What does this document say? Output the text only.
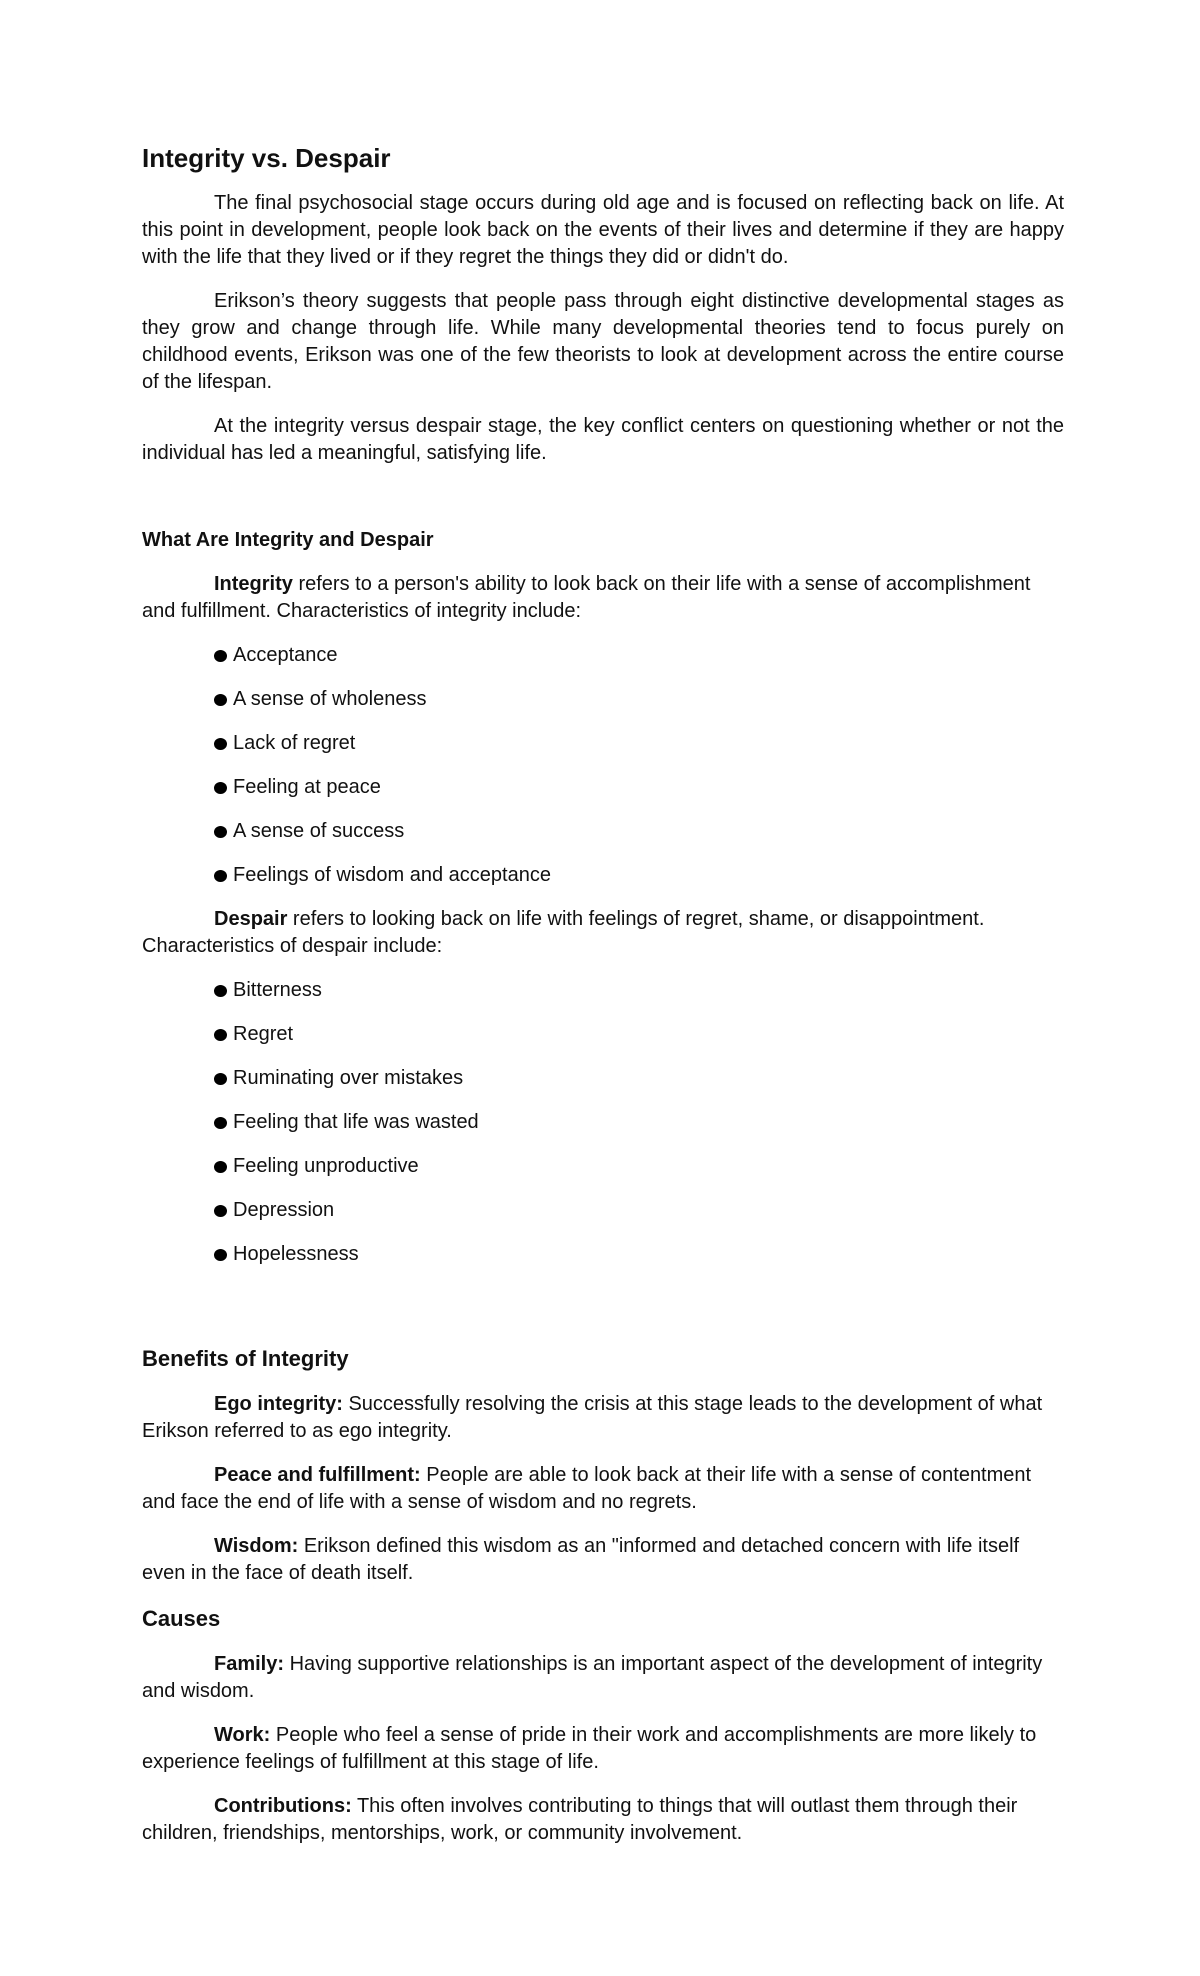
Integrity vs. Despair

The final psychosocial stage occurs during old age and is focused on reflecting back on life. At this point in development, people look back on the events of their lives and determine if they are happy with the life that they lived or if they regret the things they did or didn't do.

Erikson’s theory suggests that people pass through eight distinctive developmental stages as they grow and change through life. While many developmental theories tend to focus purely on childhood events, Erikson was one of the few theorists to look at development across the entire course of the lifespan.

At the integrity versus despair stage, the key conflict centers on questioning whether or not the individual has led a meaningful, satisfying life.

What Are Integrity and Despair

Integrity refers to a person's ability to look back on their life with a sense of accomplishment and fulfillment. Characteristics of integrity include:

Acceptance
A sense of wholeness
Lack of regret
Feeling at peace
A sense of success
Feelings of wisdom and acceptance

Despair refers to looking back on life with feelings of regret, shame, or disappointment. Characteristics of despair include:

Bitterness
Regret
Ruminating over mistakes
Feeling that life was wasted
Feeling unproductive
Depression
Hopelessness
Benefits of Integrity

Ego integrity: Successfully resolving the crisis at this stage leads to the development of what Erikson referred to as ego integrity.

Peace and fulfillment: People are able to look back at their life with a sense of contentment and face the end of life with a sense of wisdom and no regrets.

Wisdom: Erikson defined this wisdom as an "informed and detached concern with life itself even in the face of death itself.

Causes

Family: Having supportive relationships is an important aspect of the development of integrity and wisdom.

Work: People who feel a sense of pride in their work and accomplishments are more likely to experience feelings of fulfillment at this stage of life.

Contributions: This often involves contributing to things that will outlast them through their children, friendships, mentorships, work, or community involvement.
